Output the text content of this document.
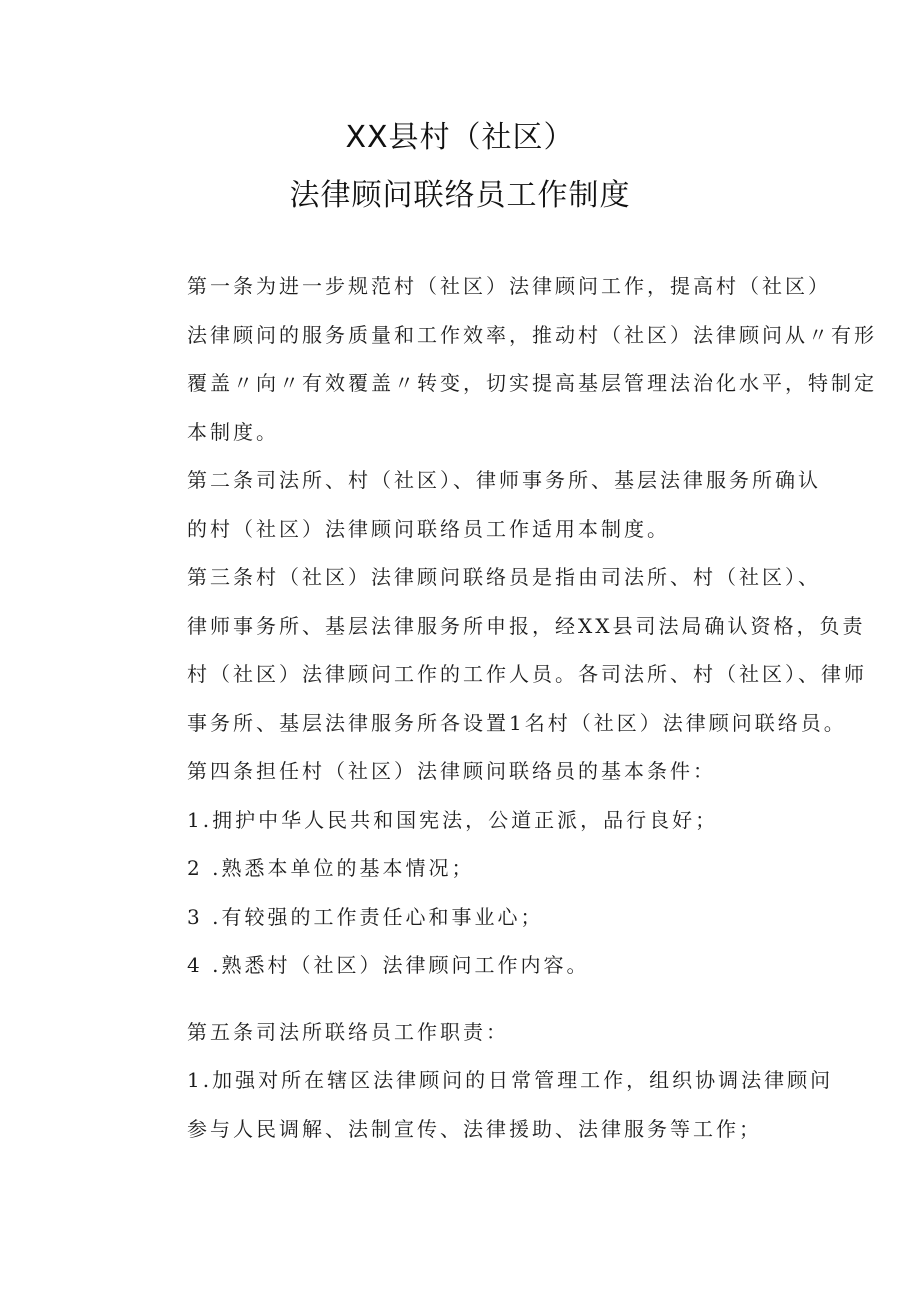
XX县村（社区）
法律顾问联络员工作制度

第一条为进一步规范村（社区）法律顾问工作，提高村（社区）
法律顾问的服务质量和工作效率，推动村（社区）法律顾问从〃有形
覆盖〃向〃有效覆盖〃转变，切实提高基层管理法治化水平，特制定
本制度。

第二条司法所、村（社区）、律师事务所、基层法律服务所确认
的村（社区）法律顾问联络员工作适用本制度。

第三条村（社区）法律顾问联络员是指由司法所、村（社区）、
律师事务所、基层法律服务所申报，经XX县司法局确认资格，负责
村（社区）法律顾问工作的工作人员。各司法所、村（社区）、律师
事务所、基层法律服务所各设置1名村（社区）法律顾问联络员。

第四条担任村（社区）法律顾问联络员的基本条件：

1.拥护中华人民共和国宪法，公道正派，品行良好；

2 .熟悉本单位的基本情况；

3 .有较强的工作责任心和事业心；

4 .熟悉村（社区）法律顾问工作内容。

第五条司法所联络员工作职责：

1.加强对所在辖区法律顾问的日常管理工作，组织协调法律顾问
参与人民调解、法制宣传、法律援助、法律服务等工作；
